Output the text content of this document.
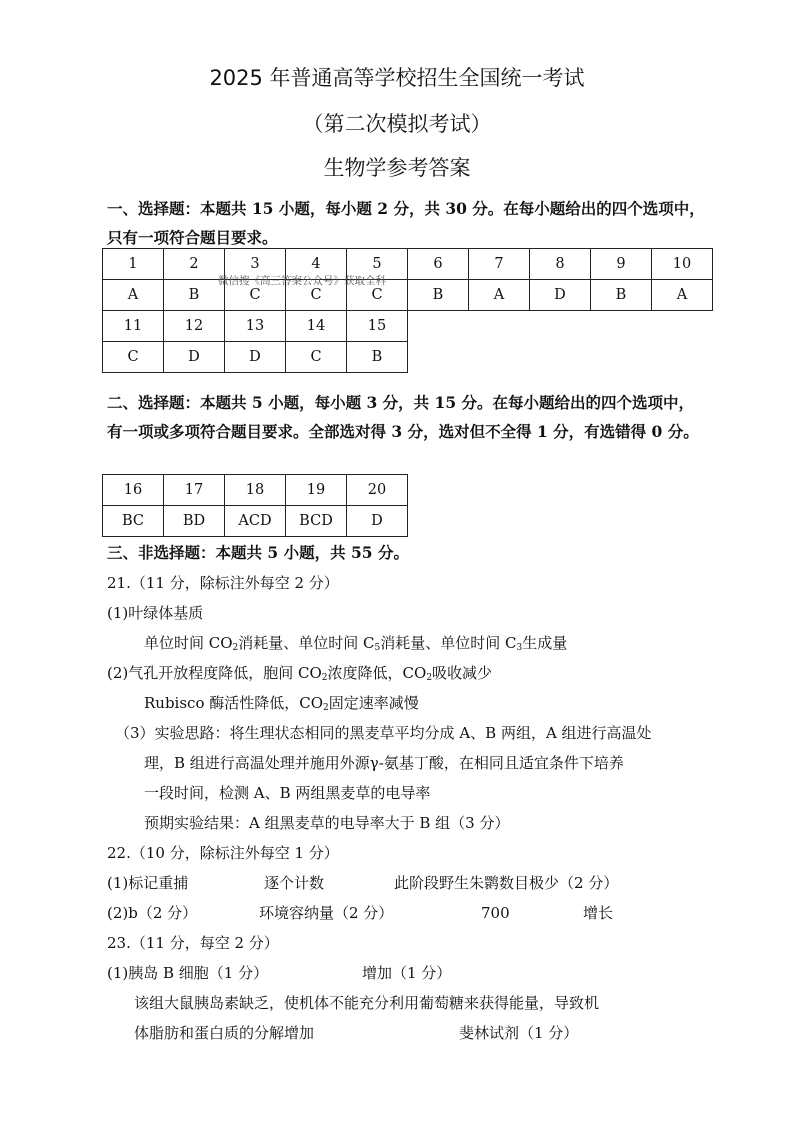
2025 年普通高等学校招生全国统一考试
（第二次模拟考试）
生物学参考答案
一、选择题：本题共 15 小题，每小题 2 分，共 30 分。在每小题给出的四个选项中，只有一项符合题目要求。
1	2	3	4	5	6	7	8	9	10
A	B	C	C	C	B	A	D	B	A
11	12	13	14	15					
C	D	D	C	B					
微信搜《高三答案公众号》获取全科
二、选择题：本题共 5 小题，每小题 3 分，共 15 分。在每小题给出的四个选项中，有一项或多项符合题目要求。全部选对得 3 分，选对但不全得 1 分，有选错得 0 分。
16	17	18	19	20
BC	BD	ACD	BCD	D
三、非选择题：本题共 5 小题，共 55 分。
21.（11 分，除标注外每空 2 分）
(1)叶绿体基质
单位时间 $CO_2$消耗量、单位时间 $C_5$消耗量、单位时间 $C_3$生成量
(2)气孔开放程度降低，胞间 $CO_2$浓度降低，$CO_2$吸收减少
Rubisco 酶活性降低，$CO_2$固定速率减慢
（3）实验思路：将生理状态相同的黑麦草平均分成 A、B 两组，A 组进行高温处
理，B 组进行高温处理并施用外源γ-氨基丁酸，在相同且适宜条件下培养
一段时间，检测 A、B 两组黑麦草的电导率
预期实验结果：A 组黑麦草的电导率大于 B 组（3 分）
22.（10 分，除标注外每空 1 分）
(1)标记重捕	逐个计数	此阶段野生朱鹮数目极少（2 分）
(2)b（2 分）	环境容纳量（2 分）	700	增长
23.（11 分，每空 2 分）
(1)胰岛 B 细胞（1 分）	增加（1 分）
该组大鼠胰岛素缺乏，使机体不能充分利用葡萄糖来获得能量，导致机
体脂肪和蛋白质的分解增加	斐林试剂（1 分）
